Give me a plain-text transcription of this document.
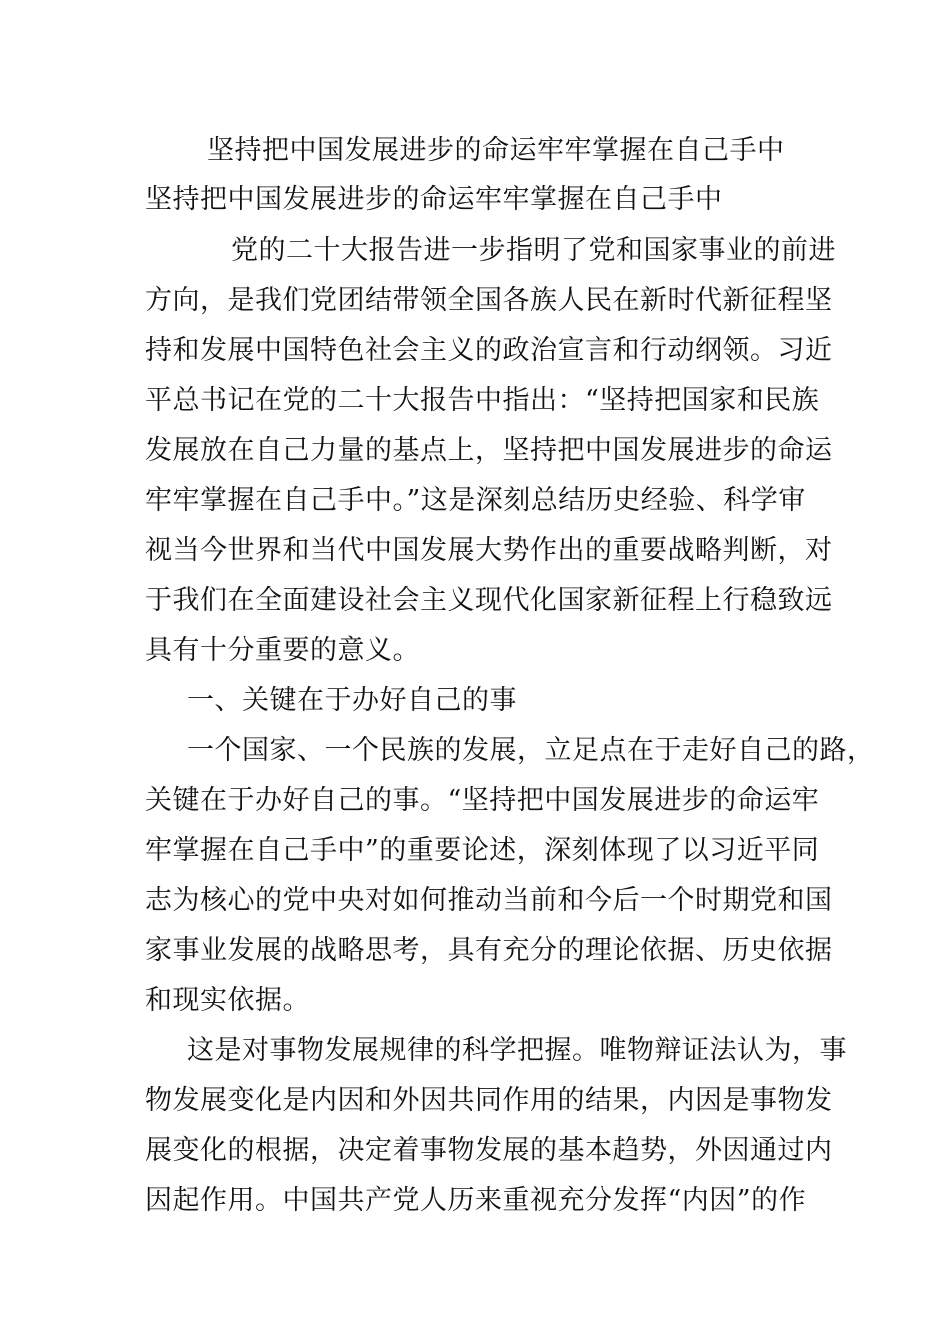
坚持把中国发展进步的命运牢牢掌握在自己手中
坚持把中国发展进步的命运牢牢掌握在自己手中
党的二十大报告进一步指明了党和国家事业的前进
方向，是我们党团结带领全国各族人民在新时代新征程坚
持和发展中国特色社会主义的政治宣言和行动纲领。习近
平总书记在党的二十大报告中指出：“坚持把国家和民族
发展放在自己力量的基点上，坚持把中国发展进步的命运
牢牢掌握在自己手中。”这是深刻总结历史经验、科学审
视当今世界和当代中国发展大势作出的重要战略判断，对
于我们在全面建设社会主义现代化国家新征程上行稳致远
具有十分重要的意义。
一、关键在于办好自己的事
一个国家、一个民族的发展，立足点在于走好自己的路，
关键在于办好自己的事。“坚持把中国发展进步的命运牢
牢掌握在自己手中”的重要论述，深刻体现了以习近平同
志为核心的党中央对如何推动当前和今后一个时期党和国
家事业发展的战略思考，具有充分的理论依据、历史依据
和现实依据。
这是对事物发展规律的科学把握。唯物辩证法认为，事
物发展变化是内因和外因共同作用的结果，内因是事物发
展变化的根据，决定着事物发展的基本趋势，外因通过内
因起作用。中国共产党人历来重视充分发挥“内因”的作
